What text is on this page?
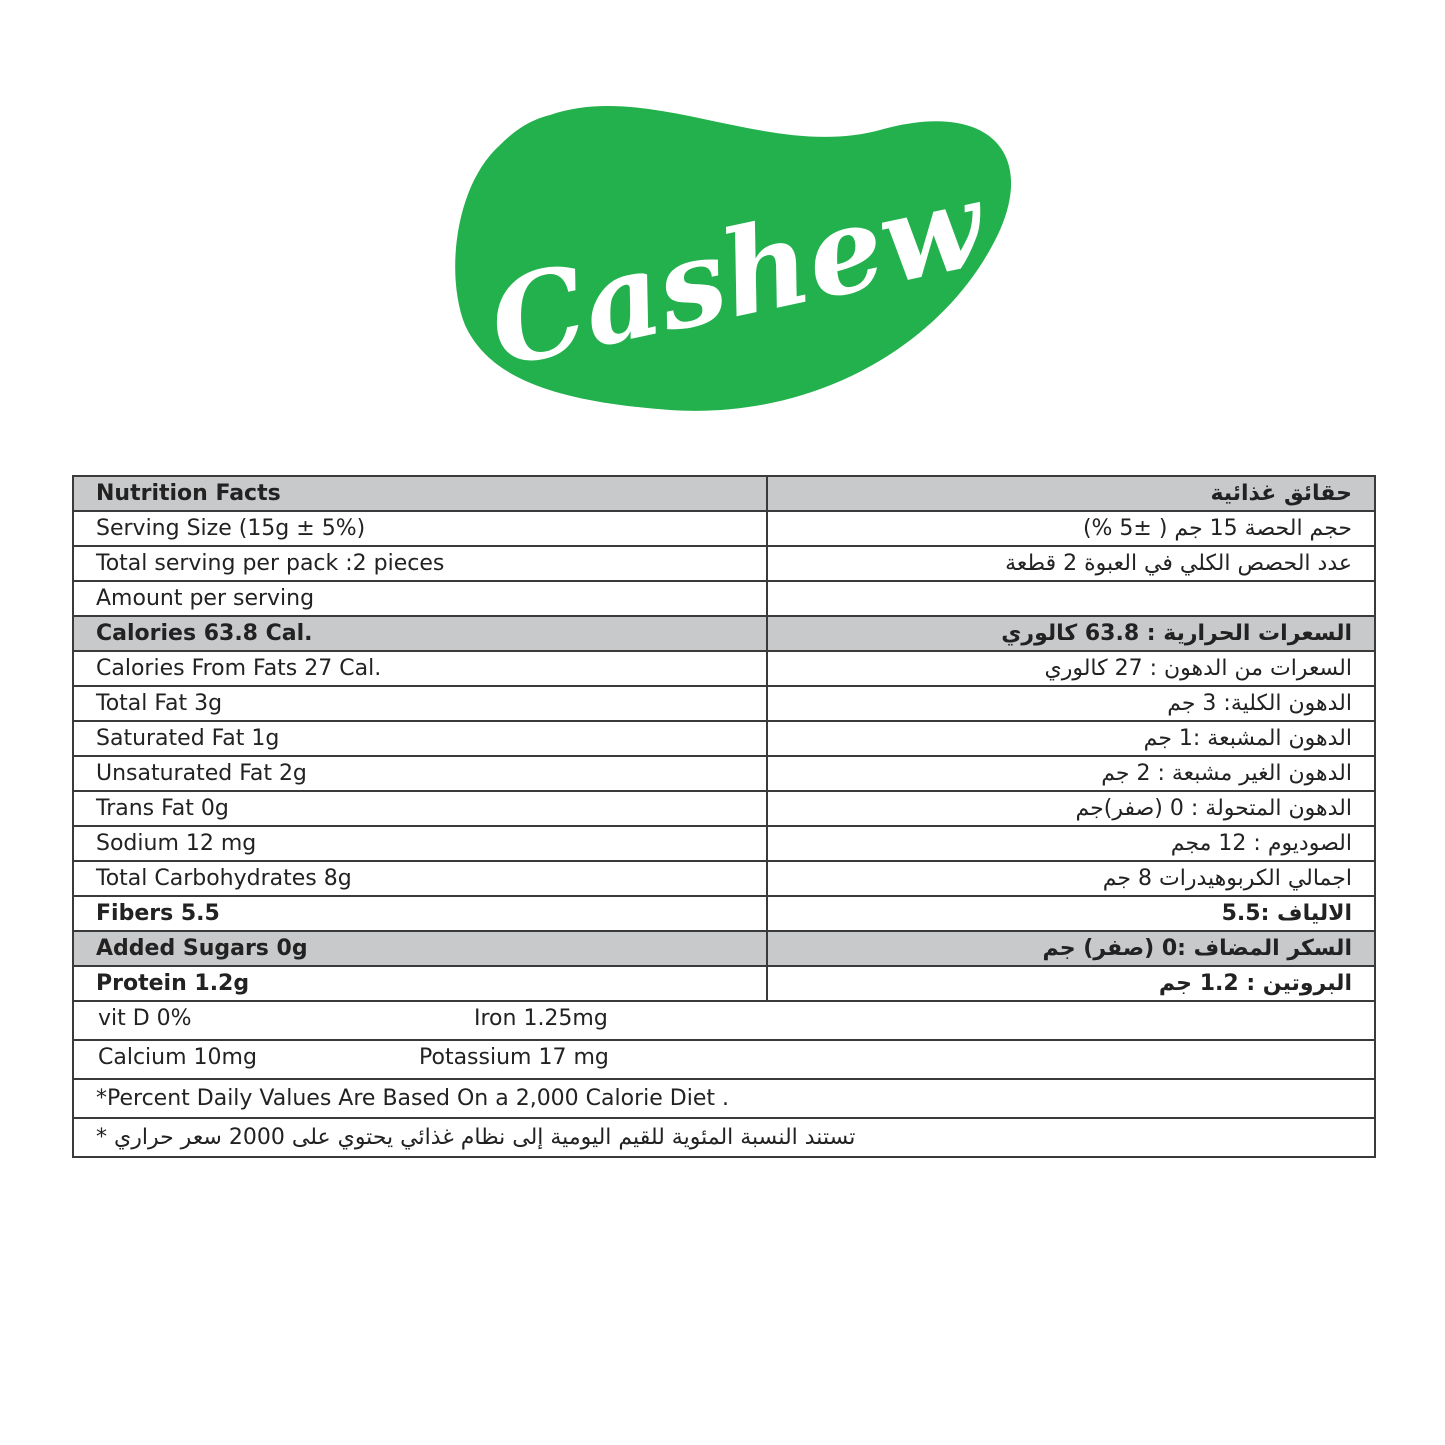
Cashew
Nutrition Facts	حقائق غذائية
Serving Size (15g ± 5%)	حجم الحصة 15 جم ( ±5 %)
Total serving per pack :2 pieces	عدد الحصص الكلي في العبوة 2 قطعة
Amount per serving	
Calories 63.8 Cal.	السعرات الحرارية : 63.8 كالوري
Calories From Fats 27 Cal.	السعرات من الدهون : 27 كالوري
Total Fat 3g	الدهون الكلية: 3 جم
Saturated Fat 1g	الدهون المشبعة :1 جم
Unsaturated Fat 2g	الدهون الغير مشبعة : 2 جم
Trans Fat 0g	الدهون المتحولة : 0 (صفر)جم
Sodium 12 mg	الصوديوم : 12 مجم
Total Carbohydrates 8g	اجمالي الكربوهيدرات 8 جم
Fibers 5.5	الالياف :5.5
Added Sugars 0g	السكر المضاف :0 (صفر) جم
Protein 1.2g	البروتين : 1.2 جم

vit D 0% Iron 1.25mg	

Calcium 10mg Potassium 17 mg	

*Percent Daily Values Are Based On a 2,000 Calorie Diet .	
تستند النسبة المئوية للقيم اليومية إلى نظام غذائي يحتوي على 2000 سعر حراري *	
